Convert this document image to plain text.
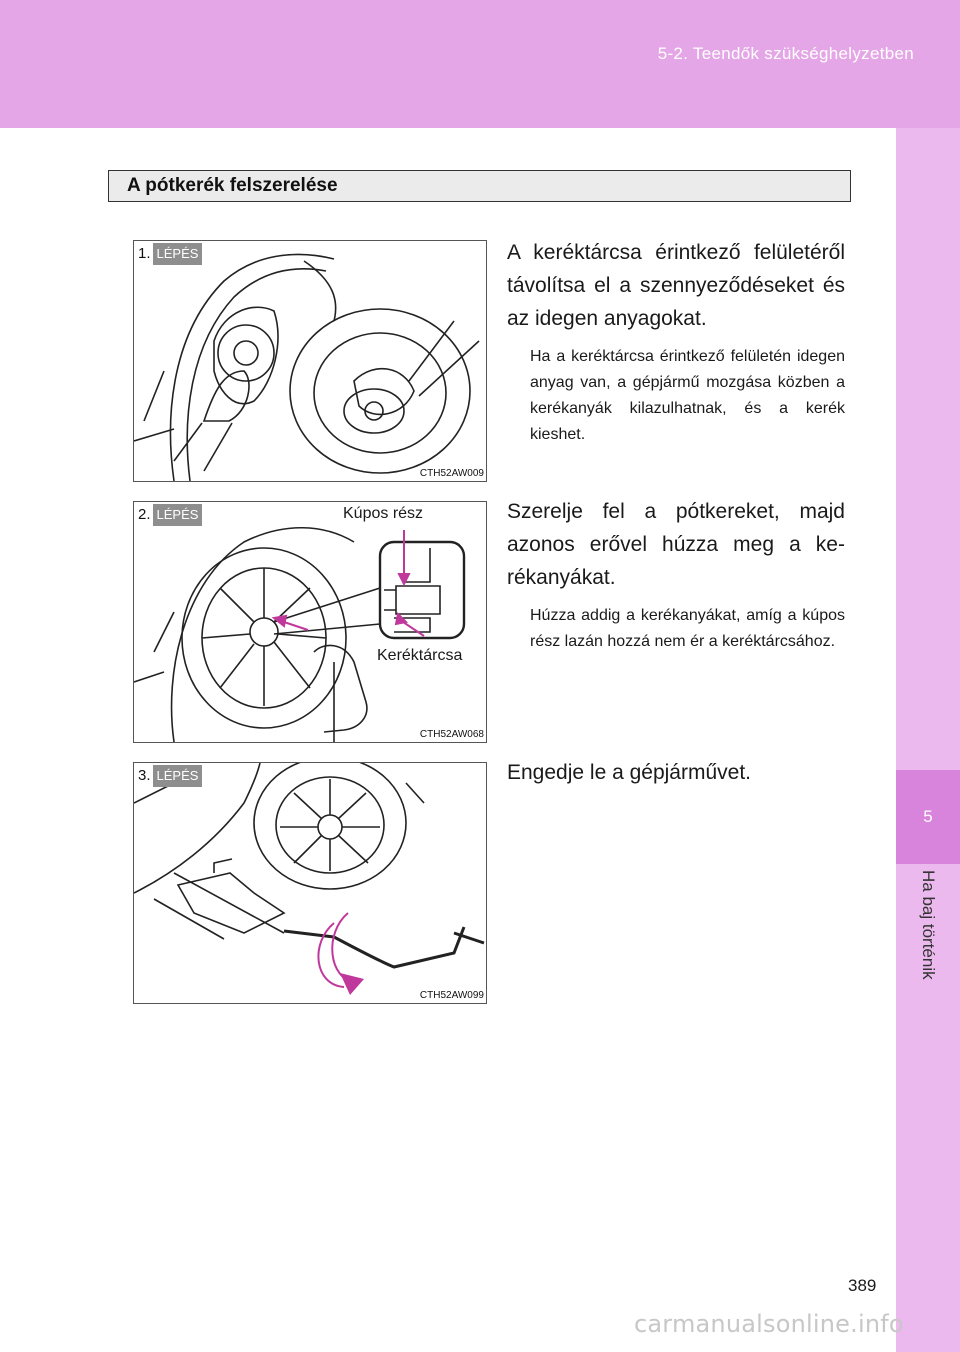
5-2. Teendők szükséghelyzetben
5
Ha baj történik
A pótkerék felszerelése
1. LÉPÉS
CTH52AW009
A keréktárcsa érintkező felületéről távolítsa el a szennyeződéseket és az idegen anyagokat.
Ha a keréktárcsa érintkező felületén idegen anyag van, a gépjármű mozgása közben a kerékanyák kilazulhatnak, és a kerék kieshet.
2. LÉPÉS
CTH52AW068
Kúpos rész
Keréktárcsa
Szerelje fel a pótkereket, majd azonos erővel húzza meg a kerékanyákat.
Húzza addig a kerékanyákat, amíg a kúpos rész lazán hozzá nem ér a keréktárcsához.
3. LÉPÉS
CTH52AW099
Engedje le a gépjárművet.
389
carmanualsonline.info
